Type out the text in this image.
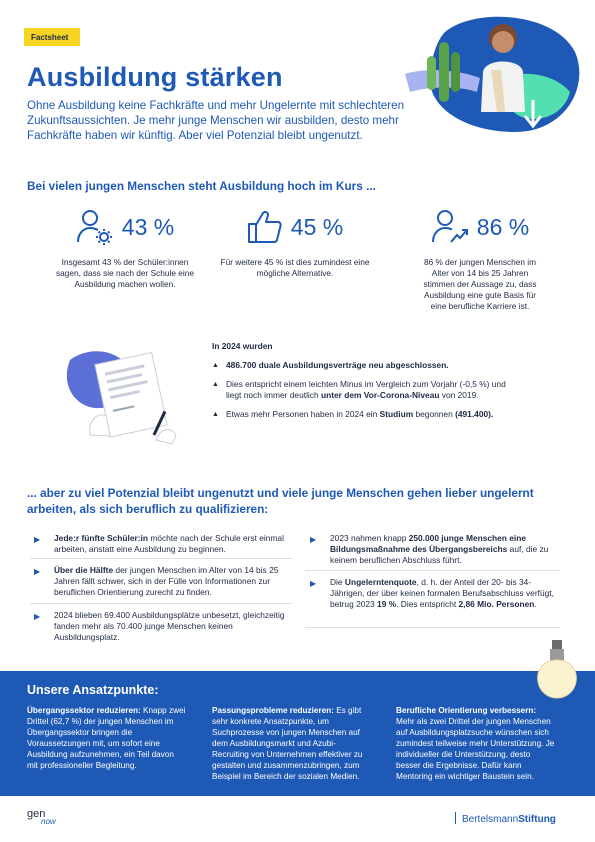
Factsheet
Ausbildung stärken
Ohne Ausbildung keine Fachkräfte und mehr Ungelernte mit schlechteren Zukunftsaussichten. Je mehr junge Menschen wir ausbilden, desto mehr Fachkräfte haben wir künftig. Aber viel Potenzial bleibt ungenutzt.
Bei vielen jungen Menschen steht Ausbildung hoch im Kurs ...
43 %
Insgesamt 43 % der Schüler:innen sagen, dass sie nach der Schule eine Ausbildung machen wollen.
45 %
Für weitere 45 % ist dies zumindest eine mögliche Alternative.
86 %
86 % der jungen Menschen im Alter von 14 bis 25 Jahren stimmen der Aussage zu, dass Ausbildung eine gute Basis für eine berufliche Karriere ist.
In 2024 wurden
▲ 486.700 duale Ausbildungsverträge neu abgeschlossen.
▲ Dies entspricht einem leichten Minus im Vergleich zum Vorjahr (-0,5 %) und liegt noch immer deutlich unter dem Vor-Corona-Niveau von 2019.
▲ Etwas mehr Personen haben in 2024 ein Studium begonnen (491.400).
... aber zu viel Potenzial bleibt ungenutzt und viele junge Menschen gehen lieber ungelernt arbeiten, als sich beruflich zu qualifizieren:
▶ Jede:r fünfte Schüler:in möchte nach der Schule erst einmal arbeiten, anstatt eine Ausbildung zu beginnen.
▶ Über die Hälfte der jungen Menschen im Alter von 14 bis 25 Jahren fällt schwer, sich in der Fülle von Informationen zur beruflichen Orientierung zurecht zu finden.
▶ 2024 blieben 69.400 Ausbildungsplätze unbesetzt, gleichzeitig fanden mehr als 70.400 junge Menschen keinen Ausbildungsplatz.
▶ 2023 nahmen knapp 250.000 junge Menschen eine Bildungsmaßnahme des Übergangsbereichs auf, die zu keinem beruflichen Abschluss führt.
▶ Die Ungelerntenquote, d. h. der Anteil der 20- bis 34-Jährigen, der über keinen formalen Berufsabschluss verfügt, betrug 2023 19 %. Dies entspricht 2,86 Mio. Personen.
Unsere Ansatzpunkte:
Übergangssektor reduzieren: Knapp zwei Drittel (62,7 %) der jungen Menschen im Übergangssektor bringen die Voraussetzungen mit, um sofort eine Ausbildung aufzunehmen, ein Teil davon mit professioneller Begleitung.
Passungsprobleme reduzieren: Es gibt sehr konkrete Ansatzpunkte, um Suchprozesse von jungen Menschen auf dem Ausbildungsmarkt und Azubi-Recruiting von Unternehmen effektiver zu gestalten und zusammenzubringen, zum Beispiel im Bereich der sozialen Medien.
Berufliche Orientierung verbessern: Mehr als zwei Drittel der jungen Menschen auf Ausbildungsplatzsuche wünschen sich zumindest teilweise mehr Unterstützung. Je individueller die Unterstützung, desto besser die Ergebnisse. Dafür kann Mentoring ein wichtiger Baustein sein.
gen
now	BertelsmannStiftung
